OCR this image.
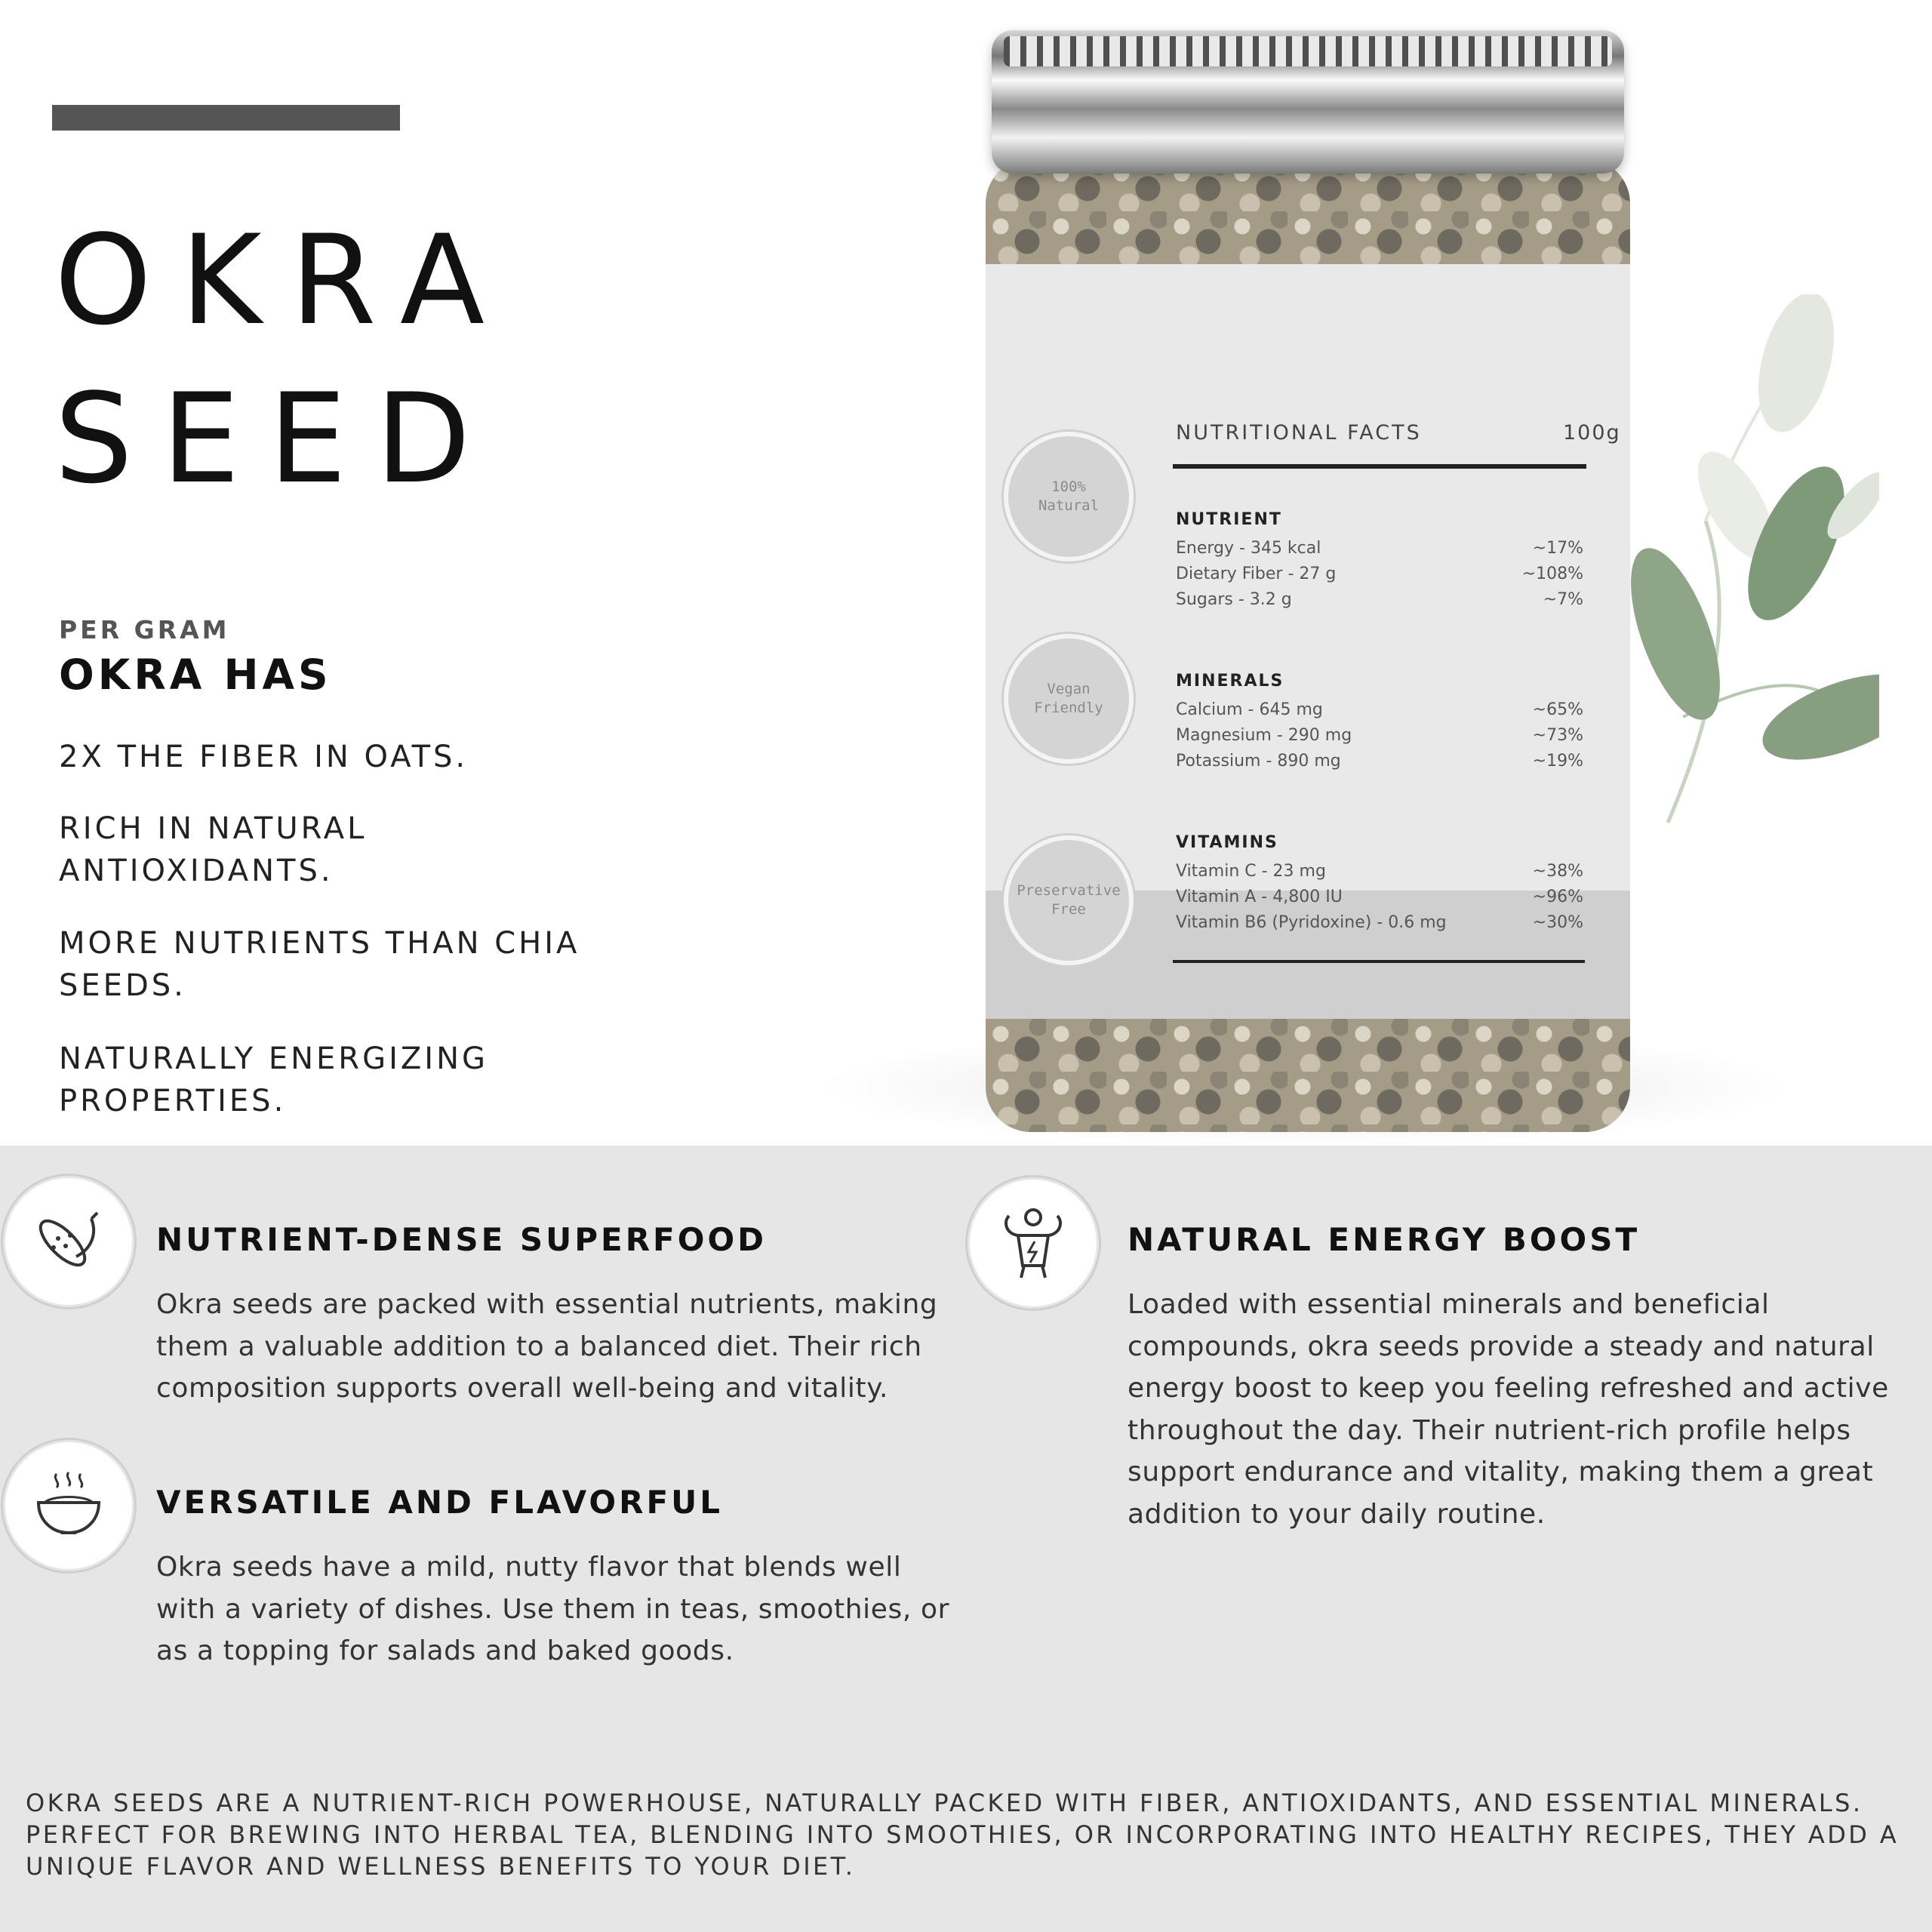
OKRA
SEED
PER GRAM
OKRA HAS
2X THE FIBER IN OATS.
RICH IN NATURAL ANTIOXIDANTS.
MORE NUTRIENTS THAN CHIA SEEDS.
NATURALLY ENERGIZING PROPERTIES.
100%
Natural
Vegan
Friendly
Preservative
Free
NUTRITIONAL FACTS	100g
NUTRIENT
Energy - 345 kcal	~17%
Dietary Fiber - 27 g	~108%
Sugars - 3.2 g	~7%
MINERALS
Calcium - 645 mg	~65%
Magnesium - 290 mg	~73%
Potassium - 890 mg	~19%
VITAMINS
Vitamin C - 23 mg	~38%
Vitamin A - 4,800 IU	~96%
Vitamin B6 (Pyridoxine) - 0.6 mg	~30%
NUTRIENT-DENSE SUPERFOOD
Okra seeds are packed with essential nutrients, making them a valuable addition to a balanced diet. Their rich composition supports overall well-being and vitality.
VERSATILE AND FLAVORFUL
Okra seeds have a mild, nutty flavor that blends well with a variety of dishes. Use them in teas, smoothies, or as a topping for salads and baked goods.
NATURAL ENERGY BOOST
Loaded with essential minerals and beneficial compounds, okra seeds provide a steady and natural energy boost to keep you feeling refreshed and active throughout the day. Their nutrient-rich profile helps support endurance and vitality, making them a great addition to your daily routine.
OKRA SEEDS ARE A NUTRIENT-RICH POWERHOUSE, NATURALLY PACKED WITH FIBER, ANTIOXIDANTS, AND ESSENTIAL MINERALS. PERFECT FOR BREWING INTO HERBAL TEA, BLENDING INTO SMOOTHIES, OR INCORPORATING INTO HEALTHY RECIPES, THEY ADD A UNIQUE FLAVOR AND WELLNESS BENEFITS TO YOUR DIET.
